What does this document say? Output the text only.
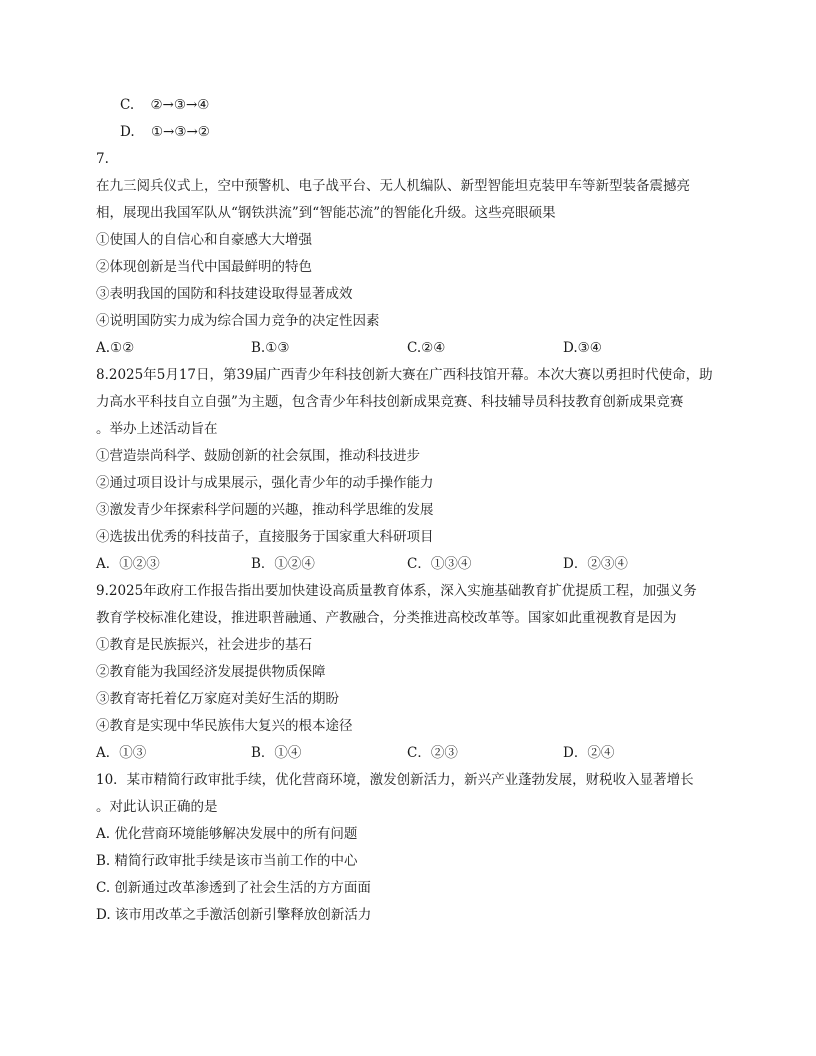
C. ②→③→④
D. ①→③→②
7.
在九三阅兵仪式上，空中预警机、电子战平台、无人机编队、新型智能坦克装甲车等新型装备震撼亮
相，展现出我国军队从“钢铁洪流”到“智能芯流”的智能化升级。这些亮眼硕果
①使国人的自信心和自豪感大大增强
②体现创新是当代中国最鲜明的特色
③表明我国的国防和科技建设取得显著成效
④说明国防实力成为综合国力竞争的决定性因素
A.①②	B.①③	C.②④	D.③④
8.2025年5月17日，第39届广西青少年科技创新大赛在广西科技馆开幕。本次大赛以勇担时代使命，助
力高水平科技自立自强”为主题，包含青少年科技创新成果竞赛、科技辅导员科技教育创新成果竞赛
。举办上述活动旨在
①营造崇尚科学、鼓励创新的社会氛围，推动科技进步
②通过项目设计与成果展示，强化青少年的动手操作能力
③激发青少年探索科学问题的兴趣，推动科学思维的发展
④选拔出优秀的科技苗子，直接服务于国家重大科研项目
A．①②③	B．①②④	C．①③④	D．②③④
9.2025年政府工作报告指出要加快建设高质量教育体系，深入实施基础教育扩优提质工程，加强义务
教育学校标准化建设，推进职普融通、产教融合，分类推进高校改革等。国家如此重视教育是因为
①教育是民族振兴，社会进步的基石
②教育能为我国经济发展提供物质保障
③教育寄托着亿万家庭对美好生活的期盼
④教育是实现中华民族伟大复兴的根本途径
A．①③	B．①④	C．②③	D．②④
10．某市精简行政审批手续，优化营商环境，激发创新活力，新兴产业蓬勃发展，财税收入显著增长
。对此认识正确的是
A. 优化营商环境能够解决发展中的所有问题
B. 精简行政审批手续是该市当前工作的中心
C. 创新通过改革渗透到了社会生活的方方面面
D. 该市用改革之手激活创新引擎释放创新活力
